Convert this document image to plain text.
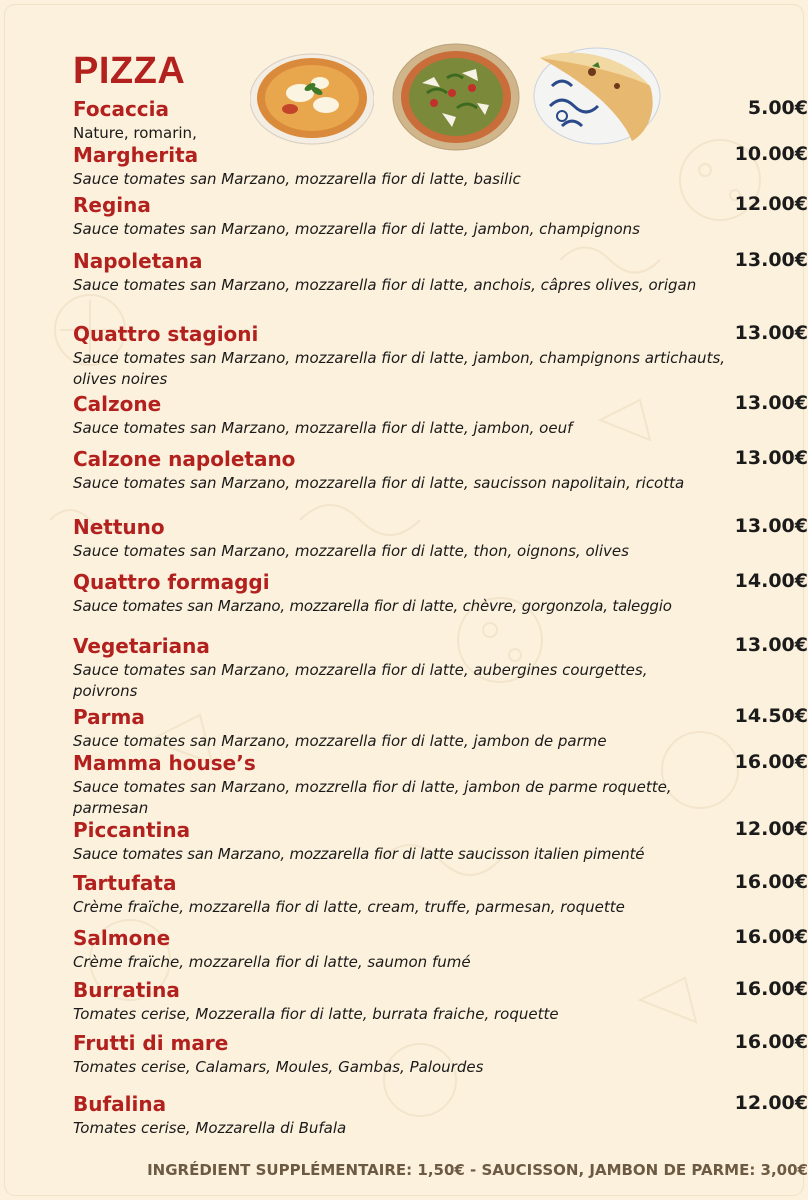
PIZZA
Focaccia	5.00€

Nature, romarin,

Margherita	10.00€

Sauce tomates san Marzano, mozzarella fior di latte, basilic

Regina	12.00€

Sauce tomates san Marzano, mozzarella fior di latte, jambon, champignons

Napoletana	13.00€

Sauce tomates san Marzano, mozzarella fior di latte, anchois, câpres olives, origan

Quattro stagioni	13.00€

Sauce tomates san Marzano, mozzarella fior di latte, jambon, champignons artichauts, olives noires

Calzone	13.00€

Sauce tomates san Marzano, mozzarella fior di latte, jambon, oeuf

Calzone napoletano	13.00€

Sauce tomates san Marzano, mozzarella fior di latte, saucisson napolitain, ricotta

Nettuno	13.00€

Sauce tomates san Marzano, mozzarella fior di latte, thon, oignons, olives

Quattro formaggi	14.00€

Sauce tomates san Marzano, mozzarella fior di latte, chèvre, gorgonzola, taleggio

Vegetariana	13.00€

Sauce tomates san Marzano, mozzarella fior di latte, aubergines courgettes, poivrons

Parma	14.50€

Sauce tomates san Marzano, mozzarella fior di latte, jambon de parme

Mamma house’s	16.00€

Sauce tomates san Marzano, mozzrella fior di latte, jambon de parme roquette, parmesan

Piccantina	12.00€

Sauce tomates san Marzano, mozzarella fior di latte saucisson italien pimenté

Tartufata	16.00€

Crème fraïche, mozzarella fior di latte, cream, truffe, parmesan, roquette

Salmone	16.00€

Crème fraïche, mozzarella fior di latte, saumon fumé

Burratina	16.00€

Tomates cerise, Mozzeralla fior di latte, burrata fraiche, roquette

Frutti di mare	16.00€

Tomates cerise, Calamars, Moules, Gambas, Palourdes

Bufalina	12.00€

Tomates cerise, Mozzarella di Bufala

INGRÉDIENT SUPPLÉMENTAIRE: 1,50€ - SAUCISSON, JAMBON DE PARME: 3,00€
